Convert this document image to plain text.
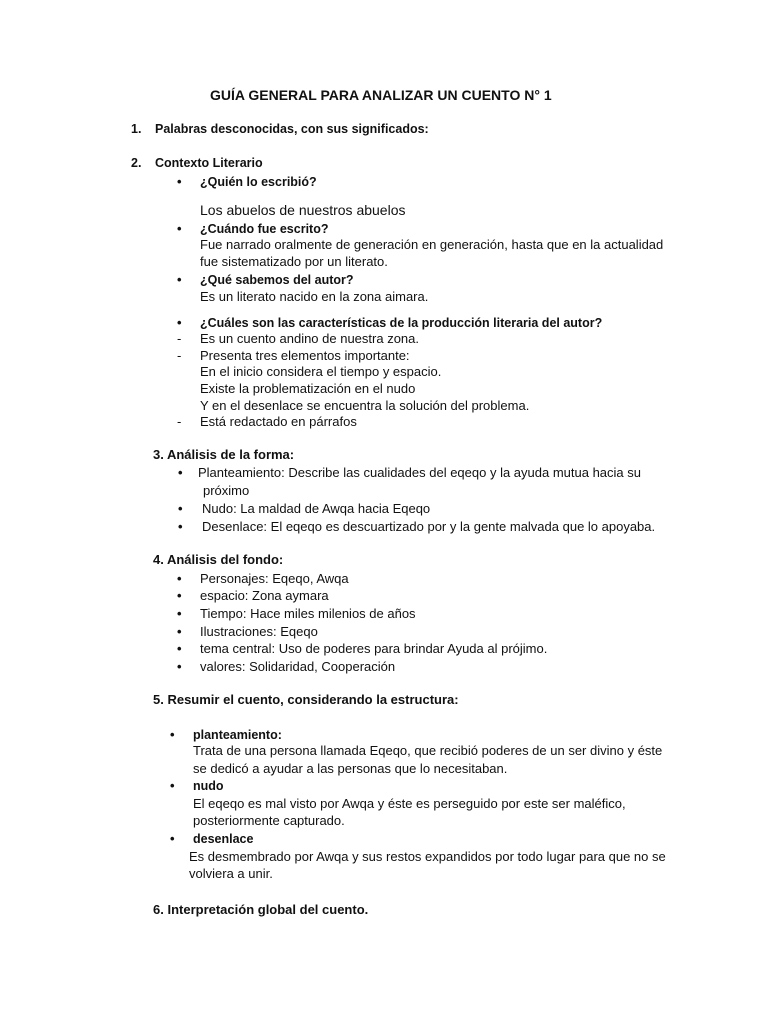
GUÍA GENERAL PARA ANALIZAR UN CUENTO N° 1
1. Palabras desconocidas, con sus significados:
2. Contexto Literario
• ¿Quién lo escribió?
Los abuelos de nuestros abuelos
• ¿Cuándo fue escrito?
Fue narrado oralmente de generación en generación, hasta que en la actualidad
fue sistematizado por un literato.
• ¿Qué sabemos del autor?
Es un literato nacido en la zona aimara.
• ¿Cuáles son las características de la producción literaria del autor?
- Es un cuento andino de nuestra zona.
- Presenta tres elementos importante:
En el inicio considera el tiempo y espacio.
Existe la problematización en el nudo
Y en el desenlace se encuentra la solución del problema.
- Está redactado en párrafos
3. Análisis de la forma:
• Planteamiento: Describe las cualidades del eqeqo y la ayuda mutua hacia su
próximo
• Nudo: La maldad de Awqa hacia Eqeqo
• Desenlace: El eqeqo es descuartizado por y la gente malvada que lo apoyaba.
4. Análisis del fondo:
• Personajes: Eqeqo, Awqa
• espacio: Zona aymara
• Tiempo: Hace miles milenios de años
• Ilustraciones: Eqeqo
• tema central: Uso de poderes para brindar Ayuda al prójimo.
• valores: Solidaridad, Cooperación
5. Resumir el cuento, considerando la estructura:
• planteamiento:
Trata de una persona llamada Eqeqo, que recibió poderes de un ser divino y éste
se dedicó a ayudar a las personas que lo necesitaban.
• nudo
El eqeqo es mal visto por Awqa y éste es perseguido por este ser maléfico,
posteriormente capturado.
• desenlace
Es desmembrado por Awqa y sus restos expandidos por todo lugar para que no se
volviera a unir.
6. Interpretación global del cuento.
